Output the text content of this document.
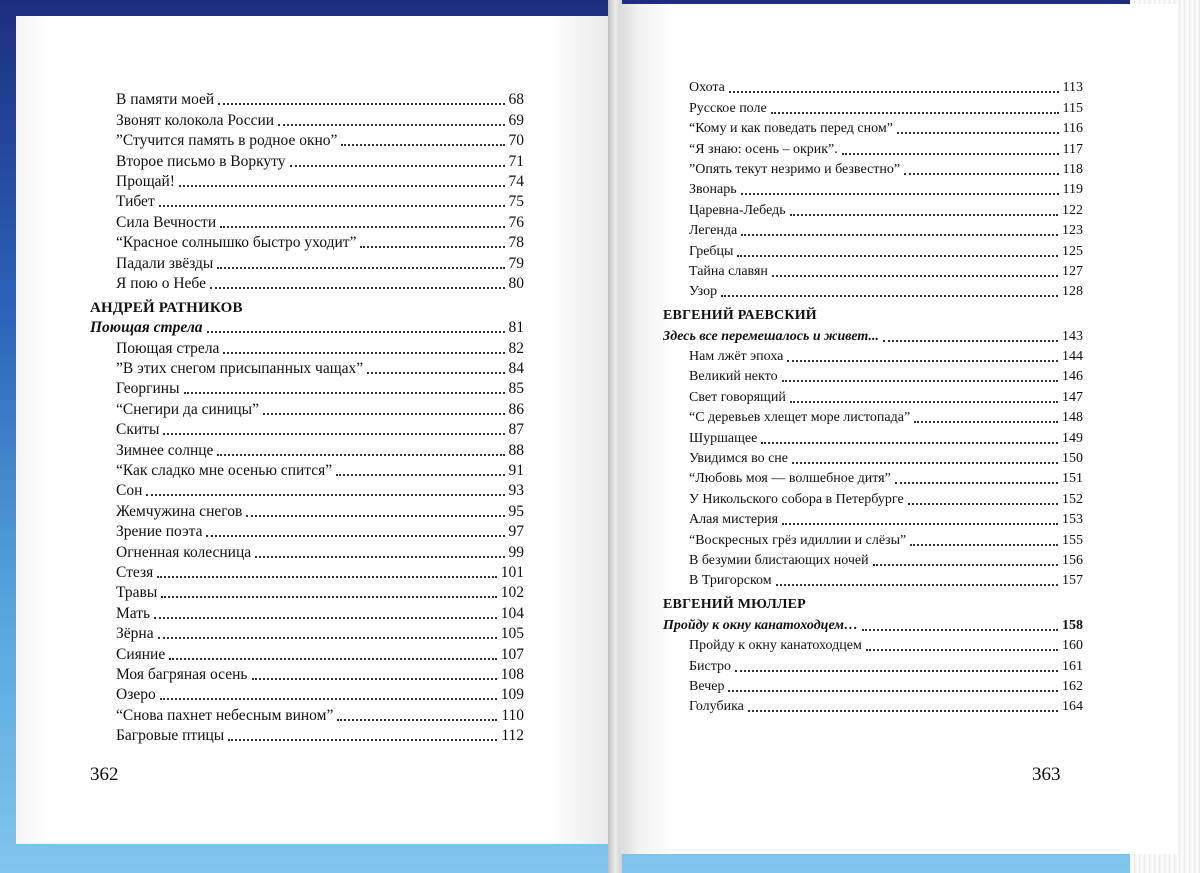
В памяти моей	68
Звонят колокола России	69
”Стучится память в родное окно”	70
Второе письмо в Воркуту	71
Прощай!	74
Тибет	75
Сила Вечности	76
“Красное солнышко быстро уходит”	78
Падали звёзды	79
Я пою о Небе	80
АНДРЕЙ РАТНИКОВ
Поющая стрела	81
Поющая стрела	82
”В этих снегом присыпанных чащах”	84
Георгины	85
“Снегири да синицы”	86
Скиты	87
Зимнее солнце	88
“Как сладко мне осенью спится”	91
Сон	93
Жемчужина снегов	95
Зрение поэта	97
Огненная колесница	99
Стезя	101
Травы	102
Мать	104
Зёрна	105
Сияние	107
Моя багряная осень	108
Озеро	109
“Снова пахнет небесным вином”	110
Багровые птицы	112
362
Охота	113
Русское поле	115
“Кому и как поведать перед сном”	116
“Я знаю: осень – окрик”.	117
”Опять текут незримо и безвестно”	118
Звонарь	119
Царевна-Лебедь	122
Легенда	123
Гребцы	125
Тайна славян	127
Узор	128
ЕВГЕНИЙ РАЕВСКИЙ
Здесь все перемешалось и живет...	143
Нам лжёт эпоха	144
Великий некто	146
Свет говорящий	147
“С деревьев хлещет море листопада”	148
Шуршащее	149
Увидимся во сне	150
“Любовь моя — волшебное дитя”	151
У Никольского собора в Петербурге	152
Алая мистерия	153
“Воскресных грёз идиллии и слёзы”	155
В безумии блистающих ночей	156
В Тригорском	157
ЕВГЕНИЙ МЮЛЛЕР
Пройду к окну канатоходцем…	158
Пройду к окну канатоходцем	160
Бистро	161
Вечер	162
Голубика	164
363
